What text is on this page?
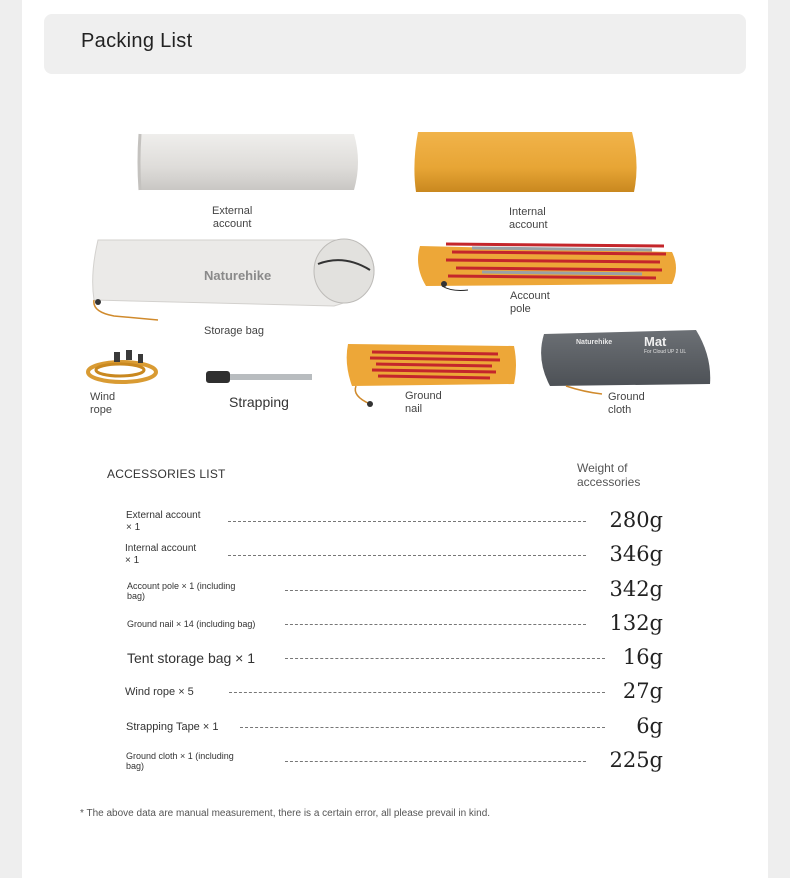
Packing List
External
account
Internal
account
Naturehike
Storage bag
Account
pole
Wind
rope	Strapping	Ground
nail
Naturehike Mat
For Cloud UP 2 UL
Ground
cloth
ACCESSORIES LIST	Weight of
accessories
External account
× 1	280g
Internal account
× 1	346g
Account pole × 1 (including
bag)	342g
Ground nail × 14 (including bag)	132g
Tent storage bag × 1	16g
Wind rope × 5	27g
Strapping Tape × 1	6g
Ground cloth × 1 (including
bag)	225g
* The above data are manual measurement, there is a certain error, all please prevail in kind.
